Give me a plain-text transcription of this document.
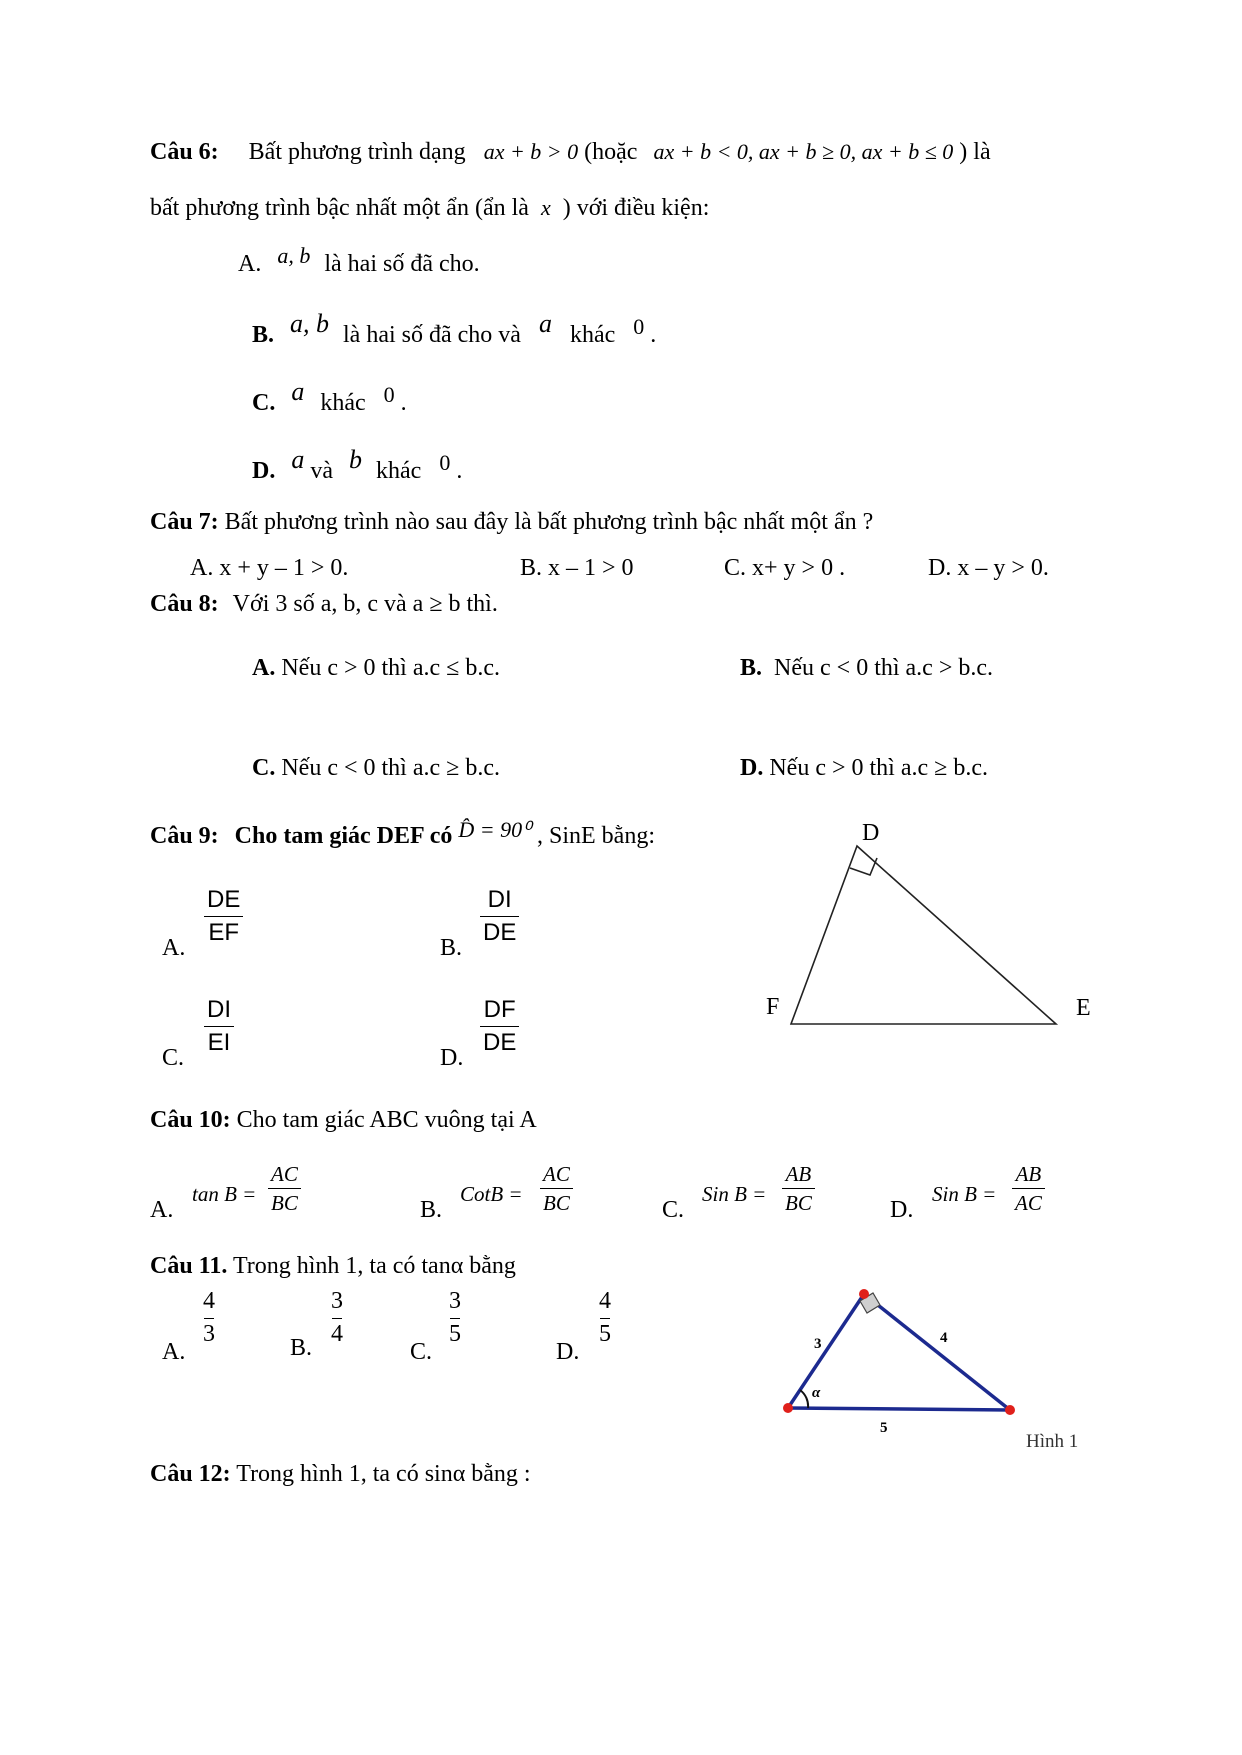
Câu 6: Bất phương trình dạng ax + b > 0 (hoặc ax + b < 0, ax + b ≥ 0, ax + b ≤ 0 ) là
bất phương trình bậc nhất một ẩn (ẩn là x ) với điều kiện:
A. a, b là hai số đã cho.
B. a, b là hai số đã cho và a khác 0 .
C. a khác 0 .
D. a và b khác 0 .
Câu 7: Bất phương trình nào sau đây là bất phương trình bậc nhất một ẩn ?
A. x + y – 1 > 0.	B. x – 1 > 0	C. x+ y > 0 .	D. x – y > 0.
Câu 8: Với 3 số a, b, c và a ≥ b thì.
A. Nếu c > 0 thì a.c ≤ b.c.	B. Nếu c < 0 thì a.c > b.c.
C. Nếu c < 0 thì a.c ≥ b.c.	D. Nếu c > 0 thì a.c ≥ b.c.
Câu 9: Cho tam giác DEF có D̂ = 90⁰ , SinE bằng:
A.
DE
EF
B.
DI
DE
C.
DI
EI
D.
DF
DE
D
E
F
Câu 10: Cho tam giác ABC vuông tại A
A.
tan B =
AC
BC	B.
CotB =
AC
BC	C.
Sin B =
AB
BC	D.
Sin B =
AB
AC
Câu 11. Trong hình 1, ta có tanα bằng
A.
4
3
B.
3
4
C.
3
5
D.
4
5	3	4
5
α
Hình 1
Câu 12: Trong hình 1, ta có sinα bằng :
